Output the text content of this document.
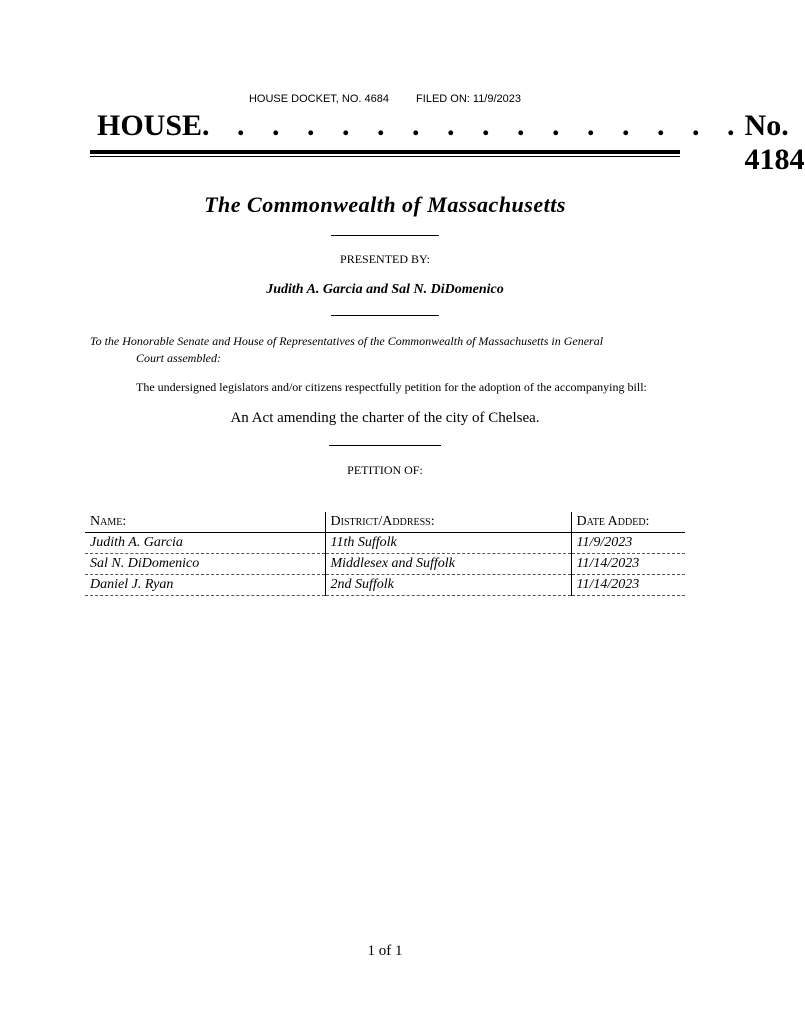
HOUSE DOCKET, NO. 4684 FILED ON: 11/9/2023
HOUSE . . . . . . . . . . . . . . . . No. 4184
The Commonwealth of Massachusetts
PRESENTED BY:
Judith A. Garcia and Sal N. DiDomenico
To the Honorable Senate and House of Representatives of the Commonwealth of Massachusetts in General
Court assembled:
The undersigned legislators and/or citizens respectfully petition for the adoption of the accompanying bill:
An Act amending the charter of the city of Chelsea.
PETITION OF:
Name:	District/Address:	Date Added:
Judith A. Garcia	11th Suffolk	11/9/2023
Sal N. DiDomenico	Middlesex and Suffolk	11/14/2023
Daniel J. Ryan	2nd Suffolk	11/14/2023
1 of 1
